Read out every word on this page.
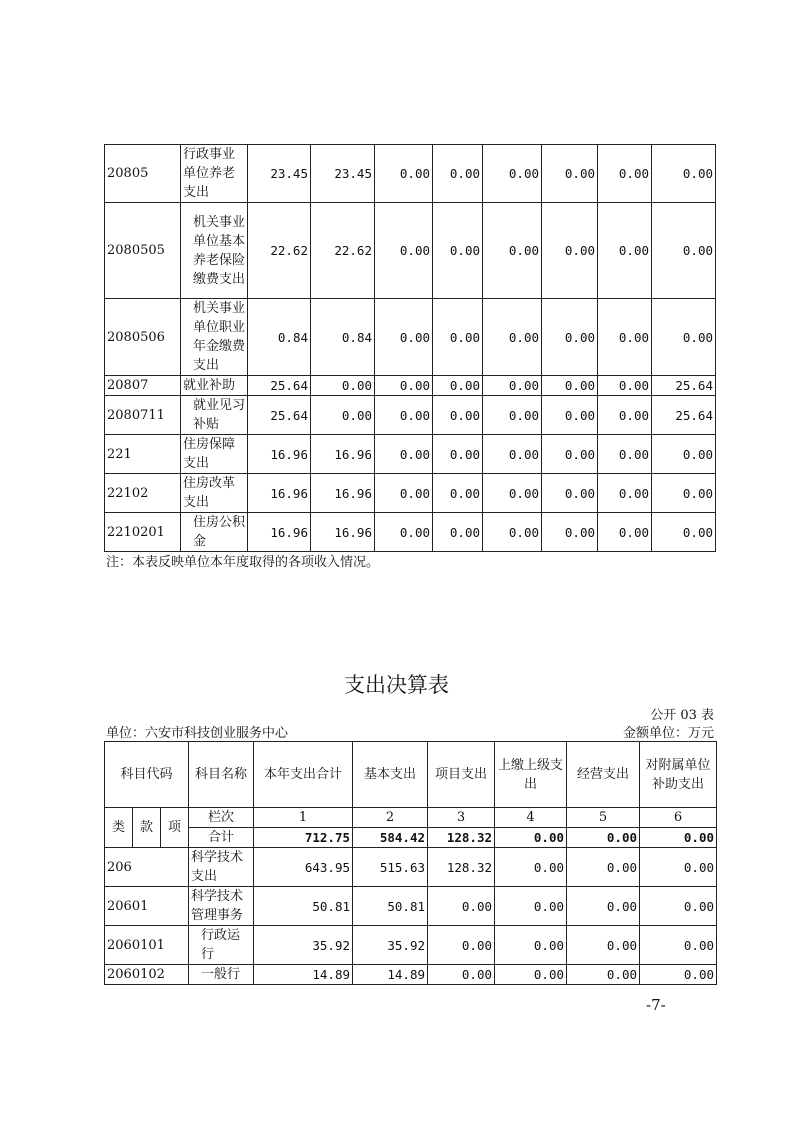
20805	行政事业单位养老支出	23.45	23.45	0.00	0.00	0.00	0.00	0.00	0.00
2080505	机关事业单位基本养老保险缴费支出	22.62	22.62	0.00	0.00	0.00	0.00	0.00	0.00
2080506	机关事业单位职业年金缴费支出	0.84	0.84	0.00	0.00	0.00	0.00	0.00	0.00
20807	就业补助	25.64	0.00	0.00	0.00	0.00	0.00	0.00	25.64
2080711	就业见习补贴	25.64	0.00	0.00	0.00	0.00	0.00	0.00	25.64
221	住房保障支出	16.96	16.96	0.00	0.00	0.00	0.00	0.00	0.00
22102	住房改革支出	16.96	16.96	0.00	0.00	0.00	0.00	0.00	0.00
2210201	住房公积金	16.96	16.96	0.00	0.00	0.00	0.00	0.00	0.00
注：本表反映单位本年度取得的各项收入情况。
支出决算表
公开 03 表
单位：六安市科技创业服务中心	金额单位：万元
科目代码			科目名称	本年支出合计	基本支出	项目支出	上缴上级支出	经营支出	对附属单位补助支出
类	款	项	栏次	1	2	3	4	5	6
			合计	712.75	584.42	128.32	0.00	0.00	0.00
206			科学技术支出	643.95	515.63	128.32	0.00	0.00	0.00
20601			科学技术管理事务	50.81	50.81	0.00	0.00	0.00	0.00
2060101			行政运行	35.92	35.92	0.00	0.00	0.00	0.00
2060102			一般行	14.89	14.89	0.00	0.00	0.00	0.00
-7-
